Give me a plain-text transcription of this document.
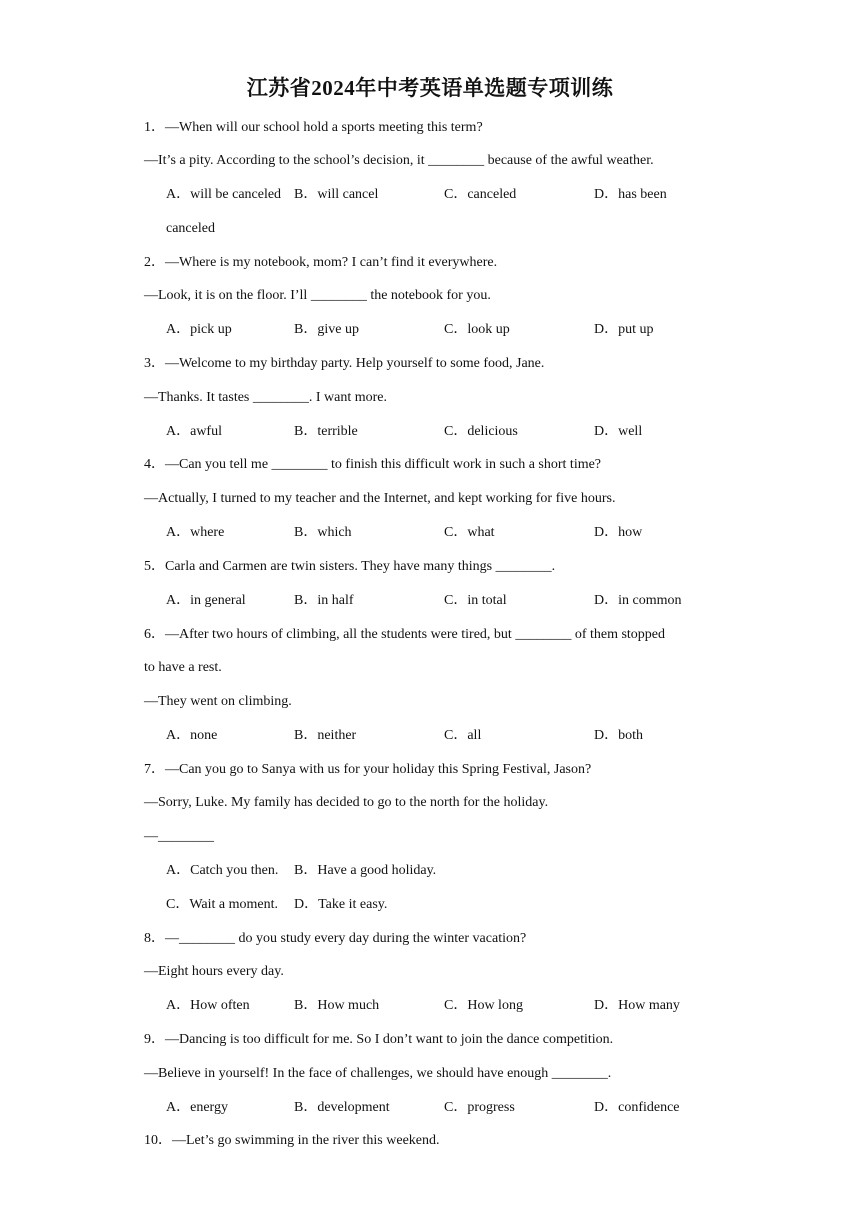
江苏省2024年中考英语单选题专项训练
1．—When will our school hold a sports meeting this term?
—It’s a pity. According to the school’s decision, it ________ because of the awful weather.
A．will be canceled B．will cancel	C．canceled	D．has been
canceled
2．—Where is my notebook, mom? I can’t find it everywhere.
—Look, it is on the floor. I’ll ________ the notebook for you.
A．pick up	B．give up	C．look up	D．put up
3．—Welcome to my birthday party. Help yourself to some food, Jane.
—Thanks. It tastes ________. I want more.
A．awful	B．terrible	C．delicious	D．well
4．—Can you tell me ________ to finish this difficult work in such a short time?
—Actually, I turned to my teacher and the Internet, and kept working for five hours.
A．where	B．which	C．what	D．how
5．Carla and Carmen are twin sisters. They have many things ________.
A．in general	B．in half	C．in total	D．in common
6．—After two hours of climbing, all the students were tired, but ________ of them stopped
to have a rest.
—They went on climbing.
A．none	B．neither	C．all	D．both
7．—Can you go to Sanya with us for your holiday this Spring Festival, Jason?
—Sorry, Luke. My family has decided to go to the north for the holiday.
—________
A．Catch you then. B．Have a good holiday.
C．Wait a moment. D．Take it easy.
8．—________ do you study every day during the winter vacation?
—Eight hours every day.
A．How often	B．How much	C．How long	D．How many
9．—Dancing is too difficult for me. So I don’t want to join the dance competition.
—Believe in yourself! In the face of challenges, we should have enough ________.
A．energy	B．development	C．progress	D．confidence
10．—Let’s go swimming in the river this weekend.
